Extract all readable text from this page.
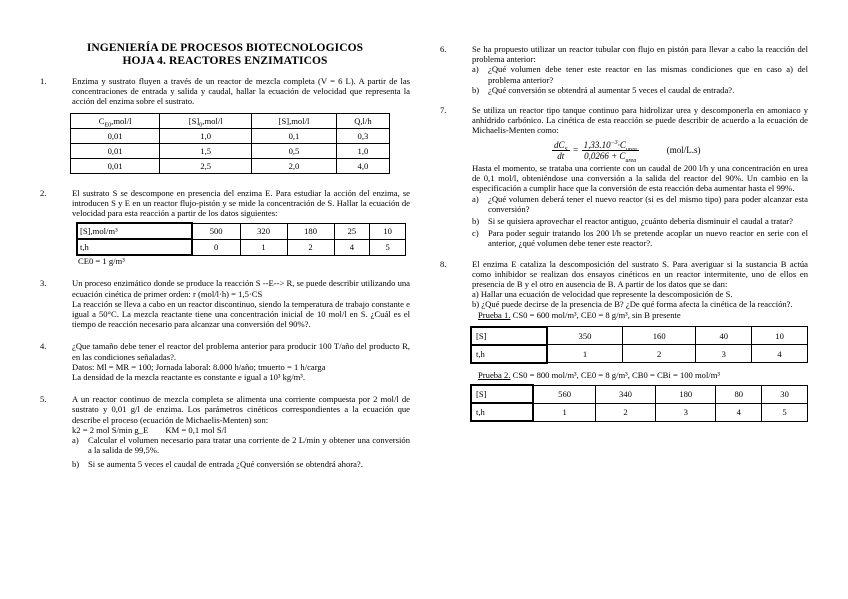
INGENIERÍA DE PROCESOS BIOTECNOLOGICOS
HOJA 4. REACTORES ENZIMATICOS
1.	Enzima y sustrato fluyen a través de un reactor de mezcla completa (V = 6 L). A partir de las concentraciones de entrada y salida y caudal, hallar la ecuación de velocidad que representa la acción del enzima sobre el sustrato.

$C_{E0},mol/l$	$[S]_0,mol/l$	[S],mol/l	Q,l/h
0,01	1,0	0,1	0,3
0,01	1,5	0,5	1,0
0,01	2,5	2,0	4,0
2.	El sustrato S se descompone en presencia del enzima E. Para estudiar la acción del enzima, se introducen S y E en un reactor flujo-pistón y se mide la concentración de S. Hallar la ecuación de velocidad para esta reacción a partir de los datos siguientes:

[S],mol/m³	500	320	180	25	10
t,h	0	1	2	4	5
CE0 = 1 g/m³
3.	Un proceso enzimático donde se produce la reacción S --E--> R, se puede describir utilizando una ecuación cinética de primer orden: r (mol/l·h) = 1,5·CS

La reacción se lleva a cabo en un reactor discontinuo, siendo la temperatura de trabajo constante e igual a 50°C. La mezcla reactante tiene una concentración inicial de 10 mol/l en S. ¿Cuál es el tiempo de reacción necesario para alcanzar una conversión del 90%?.

4.	¿Que tamaño debe tener el reactor del problema anterior para producir 100 T/año del producto R, en las condiciones señaladas?.

Datos: Ml = MR = 100; Jornada laboral: 8.000 h/año; tmuerto = 1 h/carga

La densidad de la mezcla reactante es constante e igual a 10³ kg/m³.

5.	A un reactor continuo de mezcla completa se alimenta una corriente compuesta por 2 mol/l de sustrato y 0,01 g/l de enzima. Los parámetros cinéticos correspondientes a la ecuación que describe el proceso (ecuación de Michaelis-Menten) son:

k2 = 2 mol S/min g_E        KM = 0,1 mol S/l

a) Calcular el volumen necesario para tratar una corriente de 2 L/min y obtener una conversión a la salida de 99,5%.
b) Si se aumenta 5 veces el caudal de entrada ¿Qué conversión se obtendrá ahora?.
6.	Se ha propuesto utilizar un reactor tubular con flujo en pistón para llevar a cabo la reacción del problema anterior:

a) ¿Qué volumen debe tener este reactor en las mismas condiciones que en caso a) del problema anterior?
b) ¿Qué conversión se obtendrá al aumentar 5 veces el caudal de entrada?.
7.	Se utiliza un reactor tipo tanque continuo para hidrolizar urea y descomponerla en amoniaco y anhídrido carbónico. La cinética de esta reacción se puede describir de acuerdo a la ecuación de Michaelis-Menten como:

$\frac{dC_S}{dt} = \frac{1,33.10^{-3}\cdot C_{urea}}{0,0266 + C_{urea}}$	(mol/L.s)

Hasta el momento, se trataba una corriente con un caudal de 200 l/h y una concentración en urea de 0,1 mol/l, obteniéndose una conversión a la salida del reactor del 90%. Un cambio en la especificación a cumplir hace que la conversión de esta reacción deba aumentar hasta el 99%.

a) ¿Qué volumen deberá tener el nuevo reactor (si es del mismo tipo) para poder alcanzar esta conversión?
b) Si se quisiera aprovechar el reactor antiguo, ¿cuánto debería disminuir el caudal a tratar?
c) Para poder seguir tratando los 200 l/h se pretende acoplar un nuevo reactor en serie con el anterior, ¿qué volumen debe tener este reactor?.
8.	El enzima E cataliza la descomposición del sustrato S. Para averiguar si la sustancia B actúa como inhibidor se realizan dos ensayos cinéticos en un reactor intermitente, uno de ellos en presencia de B y el otro en ausencia de B. A partir de los datos que se dan:

a) Hallar una ecuación de velocidad que represente la descomposición de S.

b) ¿Qué puede decirse de la presencia de B? ¿De qué forma afecta la cinética de la reacción?.

Prueba 1. CS0 = 600 mol/m³, CE0 = 8 g/m³, sin B presente

[S]	350	160	40	10
t,h	1	2	3	4

Prueba 2. CS0 = 800 mol/m³, CE0 = 8 g/m³, CB0 = CBi = 100 mol/m³

[S]	560	340	180	80	30
t,h	1	2	3	4	5
